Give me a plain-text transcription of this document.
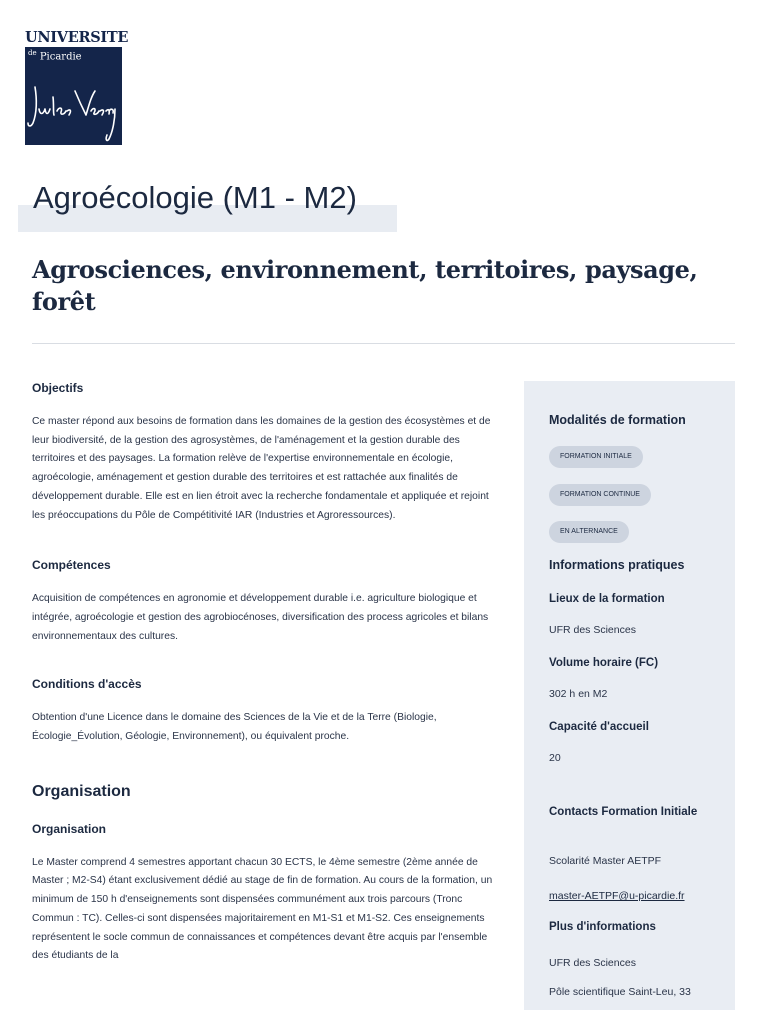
UNIVERSITE
$^{de}$ Picardie
Agroécologie (M1 - M2)
Agrosciences, environnement, territoires, paysage, forêt
Objectifs

Ce master répond aux besoins de formation dans les domaines de la gestion des écosystèmes et de leur biodiversité, de la gestion des agrosystèmes, de l'aménagement et la gestion durable des territoires et des paysages. La formation relève de l'expertise environnementale en écologie, agroécologie, aménagement et gestion durable des territoires et est rattachée aux finalités de développement durable. Elle est en lien étroit avec la recherche fondamentale et appliquée et rejoint les préoccupations du Pôle de Compétitivité IAR (Industries et Agroressources).

Compétences

Acquisition de compétences en agronomie et développement durable i.e. agriculture biologique et intégrée, agroécologie et gestion des agrobiocénoses, diversification des process agricoles et bilans environnementaux des cultures.

Conditions d'accès

Obtention d'une Licence dans le domaine des Sciences de la Vie et de la Terre (Biologie, Écologie_Évolution, Géologie, Environnement), ou équivalent proche.

Organisation
Organisation

Le Master comprend 4 semestres apportant chacun 30 ECTS, le 4ème semestre (2ème année de Master ; M2-S4) étant exclusivement dédié au stage de fin de formation. Au cours de la formation, un minimum de 150 h d'enseignements sont dispensées communément aux trois parcours (Tronc Commun : TC). Celles-ci sont dispensées majoritairement en M1-S1 et M1-S2. Ces enseignements représentent le socle commun de connaissances et compétences devant être acquis par l'ensemble des étudiants de la

Modalités de formation
FORMATION INITIALE
FORMATION CONTINUE
EN ALTERNANCE
Informations pratiques
Lieux de la formation
UFR des Sciences
Volume horaire (FC)
302 h en M2
Capacité d'accueil
20
Contacts Formation Initiale
Scolarité Master AETPF
master-AETPF@u-picardie.fr
Plus d'informations
UFR des Sciences
Pôle scientifique Saint-Leu, 33
